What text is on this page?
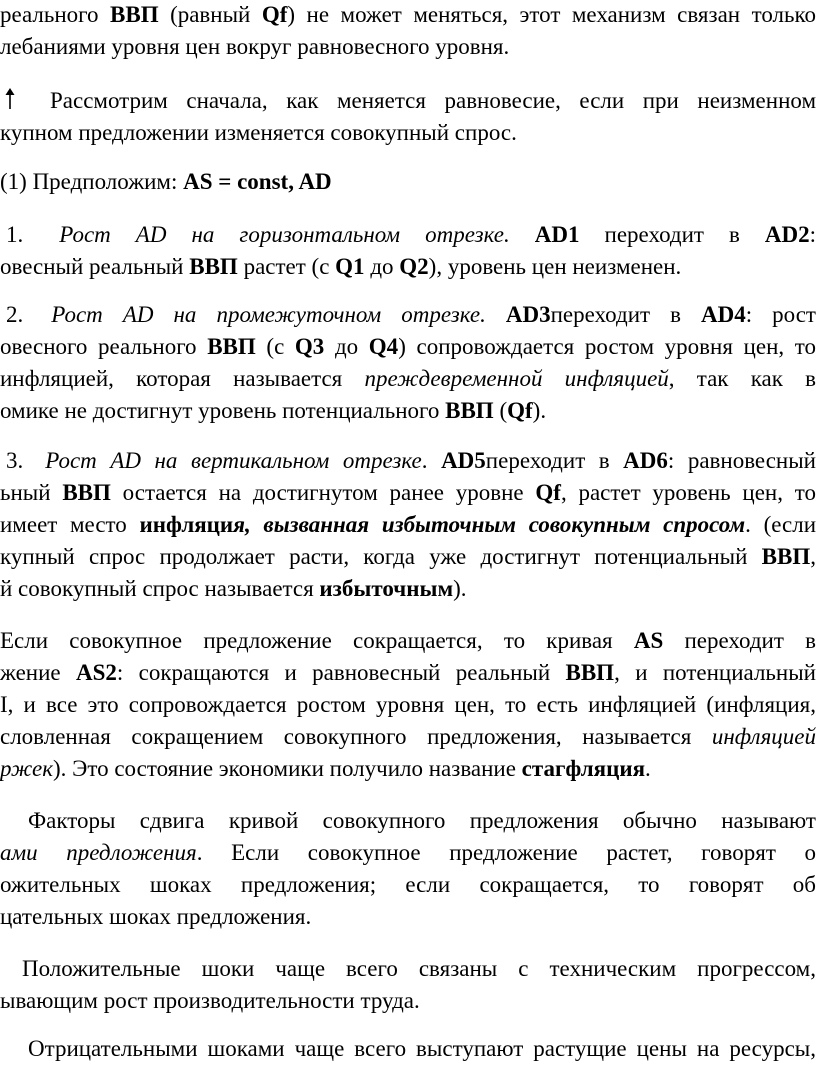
реального ВВП (равный Qf) не может меняться, этот механизм связан только

лебаниями уровня цен вокруг равновесного уровня.

Рассмотрим сначала, как меняется равновесие, если при неизменном

купном предложении изменяется совокупный спрос.

(1) Предположим: AS = const, AD

1. Рост AD на горизонтальном отрезке. AD1 переходит в AD2:

овесный реальный ВВП растет (с Q1 до Q2), уровень цен неизменен.

2. Рост AD на промежуточном отрезке. AD3переходит в AD4: рост

овесного реального ВВП (с Q3 до Q4) сопровождается ростом уровня цен, то

инфляцией, которая называется преждевременной инфляцией, так как в

омике не достигнут уровень потенциального ВВП (Qf).

3. Рост AD на вертикальном отрезке. AD5переходит в AD6: равновесный

ьный ВВП остается на достигнутом ранее уровне Qf, растет уровень цен, то

имеет место инфляция, вызванная избыточным совокупным спросом. (если

купный спрос продолжает расти, когда уже достигнут потенциальный ВВП,

й совокупный спрос называется избыточным).

Если совокупное предложение сокращается, то кривая AS переходит в

жение AS2: сокращаются и равновесный реальный ВВП, и потенциальный

I, и все это сопровождается ростом уровня цен, то есть инфляцией (инфляция,

словленная сокращением совокупного предложения, называется инфляцией

ржек). Это состояние экономики получило название стагфляция.

Факторы сдвига кривой совокупного предложения обычно называют

ами предложения. Если совокупное предложение растет, говорят о

ожительных шоках предложения; если сокращается, то говорят об

цательных шоках предложения.

Положительные шоки чаще всего связаны с техническим прогрессом,

ывающим рост производительности труда.

Отрицательными шоками чаще всего выступают растущие цены на ресурсы,
